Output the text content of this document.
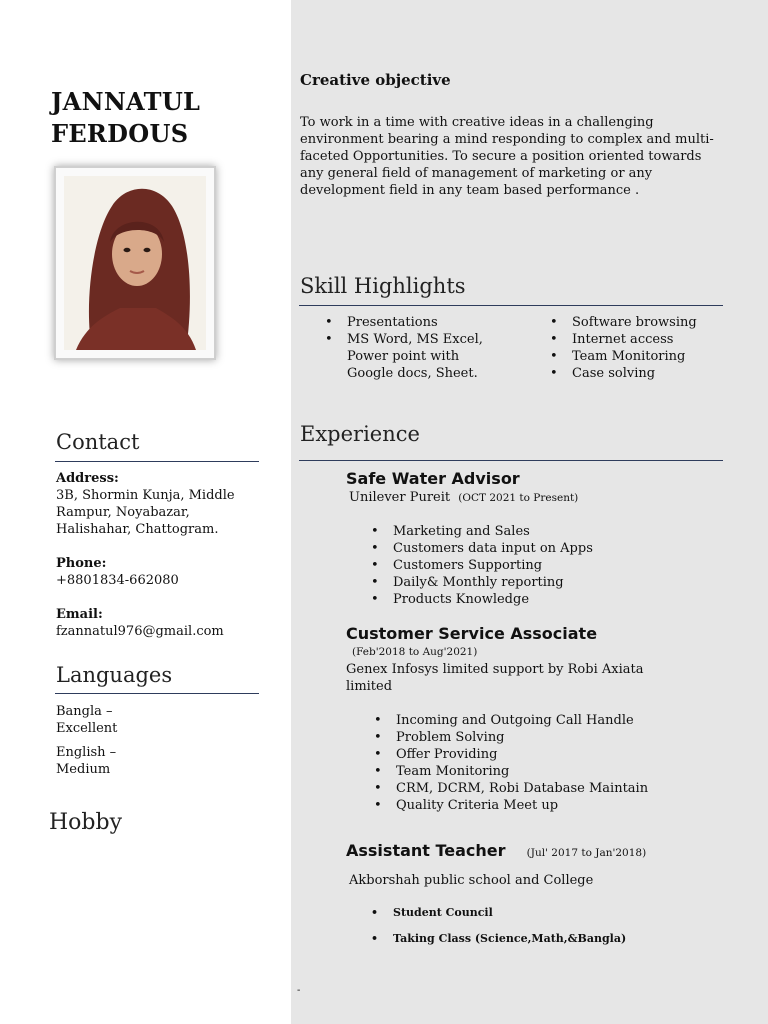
JANNATUL
FERDOUS
Contact
Address:
3B, Shormin Kunja, Middle
Rampur, Noyabazar,
Halishahar, Chattogram.
Phone:
+8801834-662080
Email:
fzannatul976@gmail.com
Languages
Bangla –
Excellent
English –
Medium
Hobby
Creative objective
To work in a time with creative ideas in a challenging
environment bearing a mind responding to complex and multi-
faceted Opportunities. To secure a position oriented towards
any general field of management of marketing or any
development field in any team based performance .
Skill Highlights
• Presentations
• MS Word, MS Excel,
Power point with
Google docs, Sheet.
• Software browsing
• Internet access
• Team Monitoring
• Case solving
Experience
Safe Water Advisor
Unilever Pureit (OCT 2021 to Present)
• Marketing and Sales
• Customers data input on Apps
• Customers Supporting
• Daily& Monthly reporting
• Products Knowledge
Customer Service Associate
(Feb'2018 to Aug'2021)
Genex Infosys limited support by Robi Axiata
limited
• Incoming and Outgoing Call Handle
• Problem Solving
• Offer Providing
• Team Monitoring
• CRM, DCRM, Robi Database Maintain
• Quality Criteria Meet up
Assistant Teacher (Jul' 2017 to Jan'2018)
Akborshah public school and College
• Student Council
• Taking Class (Science,Math,&Bangla)
-
